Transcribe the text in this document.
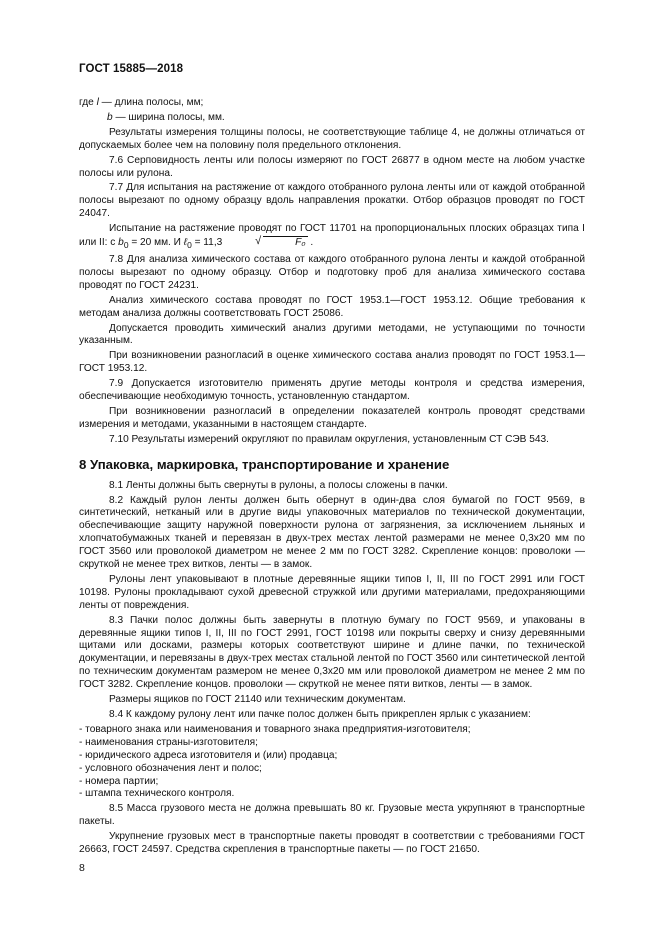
ГОСТ 15885—2018

где l — длина полосы, мм;

b — ширина полосы, мм.

Результаты измерения толщины полосы, не соответствующие таблице 4, не должны отличаться от допускаемых более чем на половину поля предельного отклонения.

7.6 Серповидность ленты или полосы измеряют по ГОСТ 26877 в одном месте на любом участке полосы или рулона.

7.7 Для испытания на растяжение от каждого отобранного рулона ленты или от каждой отобранной полосы вырезают по одному образцу вдоль направления прокатки. Отбор образцов проводят по ГОСТ 24047.

Испытание на растяжение проводят по ГОСТ 11701 на пропорциональных плоских образцах типа I или II: с $b_0 = 20$ мм. И ℓ$_0$ = 11,3	√	F₀ .

7.8 Для анализа химического состава от каждого отобранного рулона ленты и каждой отобранной полосы вырезают по одному образцу. Отбор и подготовку проб для анализа химического состава проводят по ГОСТ 24231.

Анализ химического состава проводят по ГОСТ 1953.1—ГОСТ 1953.12. Общие требования к методам анализа должны соответствовать ГОСТ 25086.

Допускается проводить химический анализ другими методами, не уступающими по точности указанным.

При возникновении разногласий в оценке химического состава анализ проводят по ГОСТ 1953.1—ГОСТ 1953.12.

7.9 Допускается изготовителю применять другие методы контроля и средства измерения, обеспечивающие необходимую точность, установленную стандартом.

При возникновении разногласий в определении показателей контроль проводят средствами измерения и методами, указанными в настоящем стандарте.

7.10 Результаты измерений округляют по правилам округления, установленным СТ СЭВ 543.

8 Упаковка, маркировка, транспортирование и хранение

8.1 Ленты должны быть свернуты в рулоны, а полосы сложены в пачки.

8.2 Каждый рулон ленты должен быть обернут в один-два слоя бумагой по ГОСТ 9569, в синтетический, нетканый или в другие виды упаковочных материалов по технической документации, обеспечивающие защиту наружной поверхности рулона от загрязнения, за исключением льняных и хлопчатобумажных тканей и перевязан в двух-трех местах лентой размерами не менее 0,3х20 мм по ГОСТ 3560 или проволокой диаметром не менее 2 мм по ГОСТ 3282. Скрепление концов: проволоки — скруткой не менее трех витков, ленты — в замок.

Рулоны лент упаковывают в плотные деревянные ящики типов I, II, III по ГОСТ 2991 или ГОСТ 10198. Рулоны прокладывают сухой древесной стружкой или другими материалами, предохраняющими ленты от повреждения.

8.3 Пачки полос должны быть завернуты в плотную бумагу по ГОСТ 9569, и упакованы в деревянные ящики типов I, II, III по ГОСТ 2991, ГОСТ 10198 или покрыты сверху и снизу деревянными щитами или досками, размеры которых соответствуют ширине и длине пачки, по технической документации, и перевязаны в двух-трех местах стальной лентой по ГОСТ 3560 или синтетической лентой по техническим документам размером не менее 0,3х20 мм или проволокой диаметром не менее 2 мм по ГОСТ 3282. Скрепление концов. проволоки — скруткой не менее пяти витков, ленты — в замок.

Размеры ящиков по ГОСТ 21140 или техническим документам.

8.4 К каждому рулону лент или пачке полос должен быть прикреплен ярлык с указанием:

- товарного знака или наименования и товарного знака предприятия-изготовителя;

- наименования страны-изготовителя;

- юридического адреса изготовителя и (или) продавца;

- условного обозначения лент и полос;

- номера партии;

- штампа технического контроля.

8.5 Масса грузового места не должна превышать 80 кг. Грузовые места укрупняют в транспортные пакеты.

Укрупнение грузовых мест в транспортные пакеты проводят в соответствии с требованиями ГОСТ 26663, ГОСТ 24597. Средства скрепления в транспортные пакеты — по ГОСТ 21650.

8
